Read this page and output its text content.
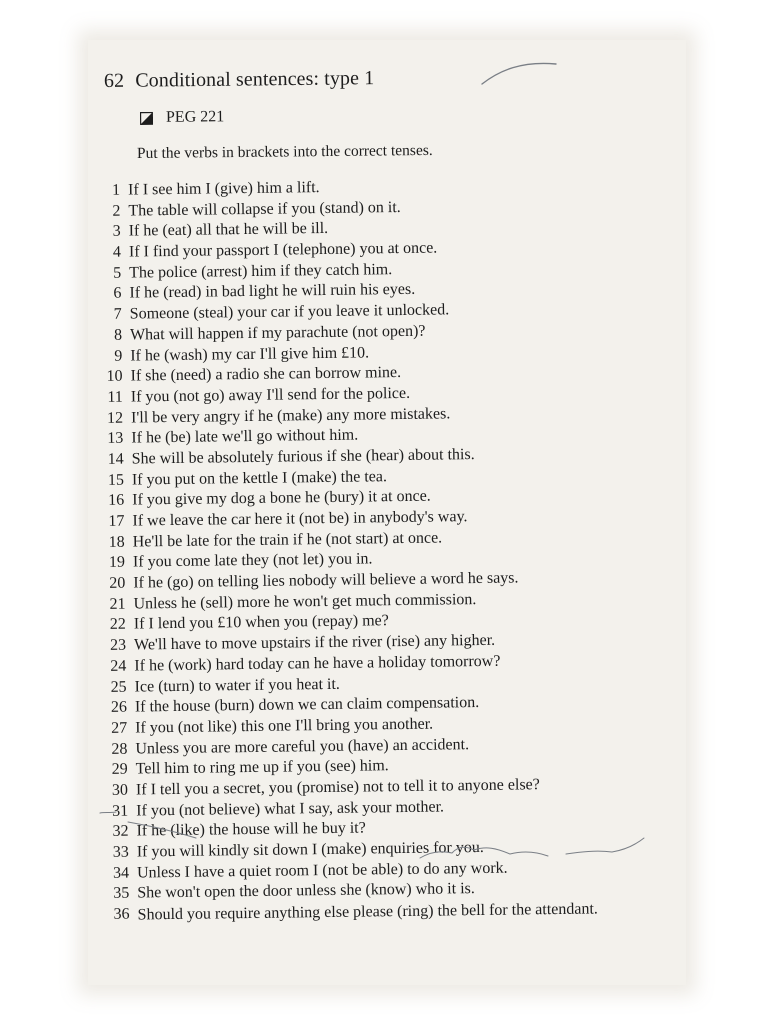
62 Conditional sentences: type 1
PEG 221
Put the verbs in brackets into the correct tenses.
1 If I see him I (give) him a lift.
2 The table will collapse if you (stand) on it.
3 If he (eat) all that he will be ill.
4 If I find your passport I (telephone) you at once.
5 The police (arrest) him if they catch him.
6 If he (read) in bad light he will ruin his eyes.
7 Someone (steal) your car if you leave it unlocked.
8 What will happen if my parachute (not open)?
9 If he (wash) my car I'll give him £10.
10 If she (need) a radio she can borrow mine.
11 If you (not go) away I'll send for the police.
12 I'll be very angry if he (make) any more mistakes.
13 If he (be) late we'll go without him.
14 She will be absolutely furious if she (hear) about this.
15 If you put on the kettle I (make) the tea.
16 If you give my dog a bone he (bury) it at once.
17 If we leave the car here it (not be) in anybody's way.
18 He'll be late for the train if he (not start) at once.
19 If you come late they (not let) you in.
20 If he (go) on telling lies nobody will believe a word he says.
21 Unless he (sell) more he won't get much commission.
22 If I lend you £10 when you (repay) me?
23 We'll have to move upstairs if the river (rise) any higher.
24 If he (work) hard today can he have a holiday tomorrow?
25 Ice (turn) to water if you heat it.
26 If the house (burn) down we can claim compensation.
27 If you (not like) this one I'll bring you another.
28 Unless you are more careful you (have) an accident.
29 Tell him to ring me up if you (see) him.
30 If I tell you a secret, you (promise) not to tell it to anyone else?
31 If you (not believe) what I say, ask your mother.
32 If he (like) the house will he buy it?
33 If you will kindly sit down I (make) enquiries for you.
34 Unless I have a quiet room I (not be able) to do any work.
35 She won't open the door unless she (know) who it is.
36 Should you require anything else please (ring) the bell for the attendant.
